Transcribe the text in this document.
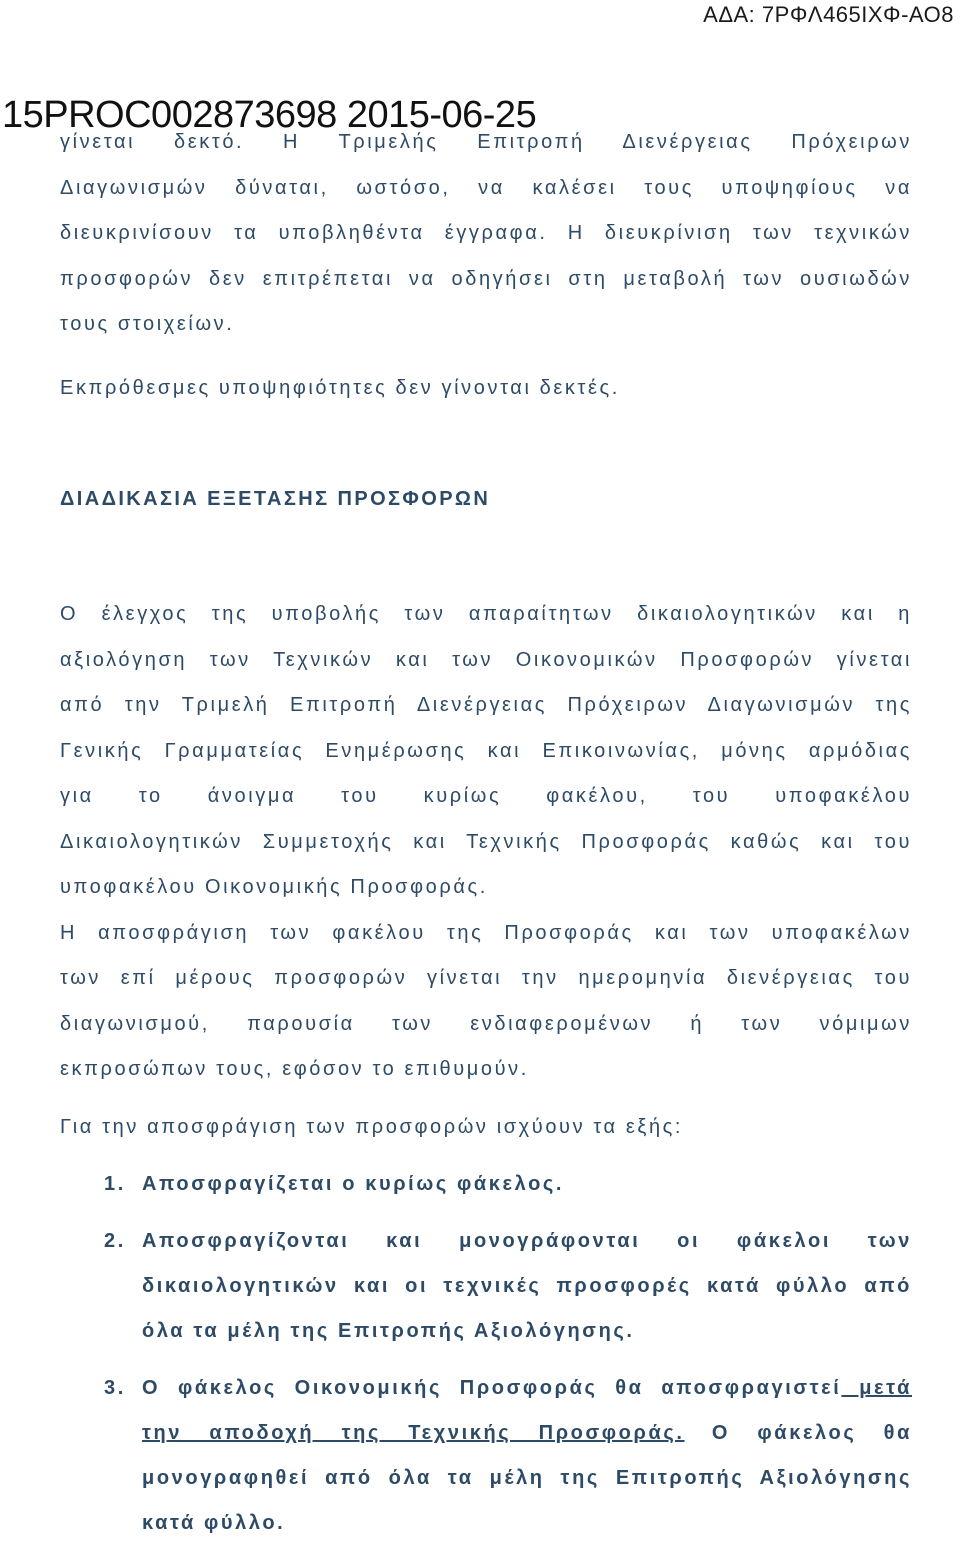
ΑΔΑ: 7ΡΦΛ465ΙΧΦ-ΑΟ8
γίνεται δεκτό. Η Τριμελής Επιτροπή Διενέργειας Πρόχειρων
Διαγωνισμών δύναται, ωστόσο, να καλέσει τους υποψηφίους να
διευκρινίσουν τα υποβληθέντα έγγραφα. Η διευκρίνιση των τεχνικών
προσφορών δεν επιτρέπεται να οδηγήσει στη μεταβολή των ουσιωδών
τους στοιχείων.
Εκπρόθεσμες υποψηφιότητες δεν γίνονται δεκτές.
ΔΙΑΔΙΚΑΣΙΑ ΕΞΕΤΑΣΗΣ ΠΡΟΣΦΟΡΩΝ
Ο έλεγχος της υποβολής των απαραίτητων δικαιολογητικών και η
αξιολόγηση των Τεχνικών και των Οικονομικών Προσφορών γίνεται
από την Τριμελή Επιτροπή Διενέργειας Πρόχειρων Διαγωνισμών της
Γενικής Γραμματείας Ενημέρωσης και Επικοινωνίας, μόνης αρμόδιας
για το άνοιγμα του κυρίως φακέλου, του υποφακέλου
Δικαιολογητικών Συμμετοχής και Τεχνικής Προσφοράς καθώς και του
υποφακέλου Οικονομικής Προσφοράς.
Η αποσφράγιση των φακέλου της Προσφοράς και των υποφακέλων
των επί μέρους προσφορών γίνεται την ημερομηνία διενέργειας του
διαγωνισμού, παρουσία των ενδιαφερομένων ή των νόμιμων
εκπροσώπων τους, εφόσον το επιθυμούν.
Για την αποσφράγιση των προσφορών ισχύουν τα εξής:
1. Αποσφραγίζεται ο κυρίως φάκελος.
2. Αποσφραγίζονται και μονογράφονται οι φάκελοι των
δικαιολογητικών και οι τεχνικές προσφορές κατά φύλλο από
όλα τα μέλη της Επιτροπής Αξιολόγησης.
3. Ο φάκελος Οικονομικής Προσφοράς θα αποσφραγιστεί μετά
την αποδοχή της Τεχνικής Προσφοράς. Ο φάκελος θα
μονογραφηθεί από όλα τα μέλη της Επιτροπής Αξιολόγησης
κατά φύλλο.
15PROC002873698 2015-06-25
